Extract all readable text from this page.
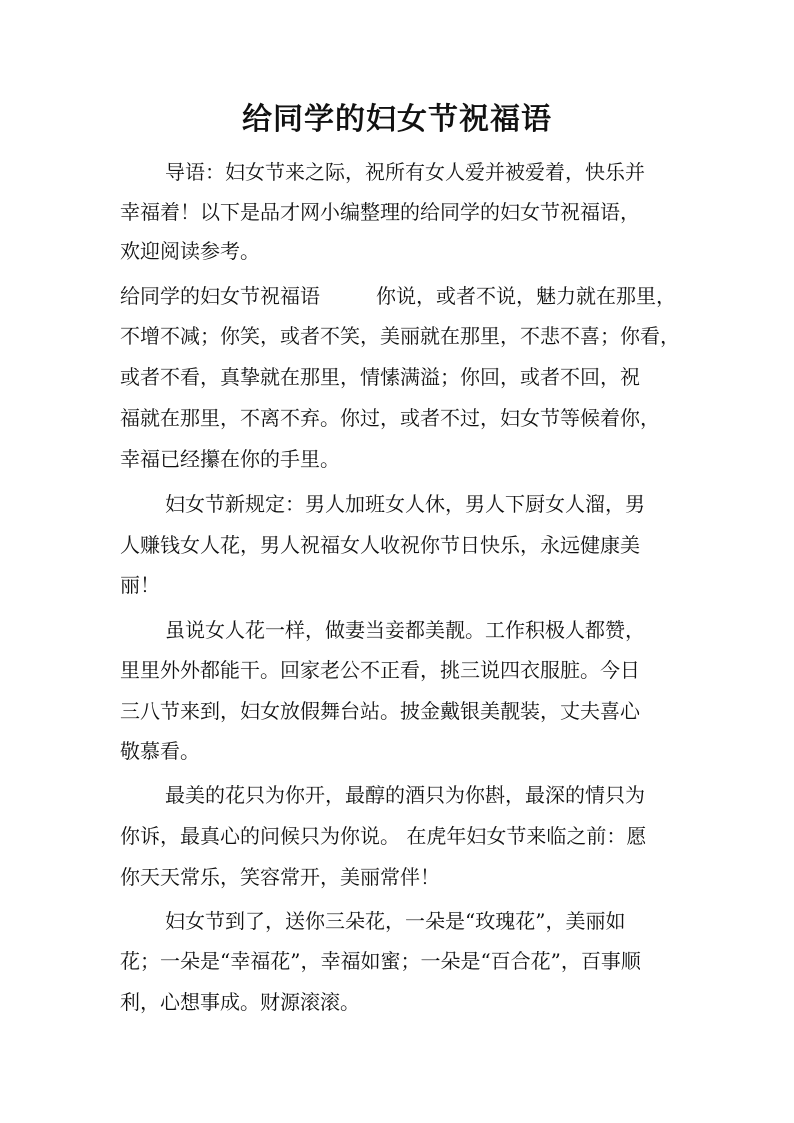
给同学的妇女节祝福语
导语：妇女节来之际，祝所有女人爱并被爱着，快乐并
幸福着！以下是品才网小编整理的给同学的妇女节祝福语，
欢迎阅读参考。
给同学的妇女节祝福语	你说，或者不说，魅力就在那里，
不增不减；你笑，或者不笑，美丽就在那里，不悲不喜；你看，
或者不看，真挚就在那里，情愫满溢；你回，或者不回，祝
福就在那里，不离不弃。你过，或者不过，妇女节等候着你，
幸福已经攥在你的手里。
妇女节新规定：男人加班女人休，男人下厨女人溜，男
人赚钱女人花，男人祝福女人收祝你节日快乐，永远健康美
丽！
虽说女人花一样，做妻当妾都美靓。工作积极人都赞，
里里外外都能干。回家老公不正看，挑三说四衣服脏。今日
三八节来到，妇女放假舞台站。披金戴银美靓装，丈夫喜心
敬慕看。
最美的花只为你开，最醇的酒只为你斟，最深的情只为
你诉，最真心的问候只为你说。 在虎年妇女节来临之前：愿
你天天常乐，笑容常开，美丽常伴！
妇女节到了，送你三朵花，一朵是“玫瑰花”，美丽如
花；一朵是“幸福花”，幸福如蜜；一朵是“百合花”，百事顺
利，心想事成。财源滚滚。
